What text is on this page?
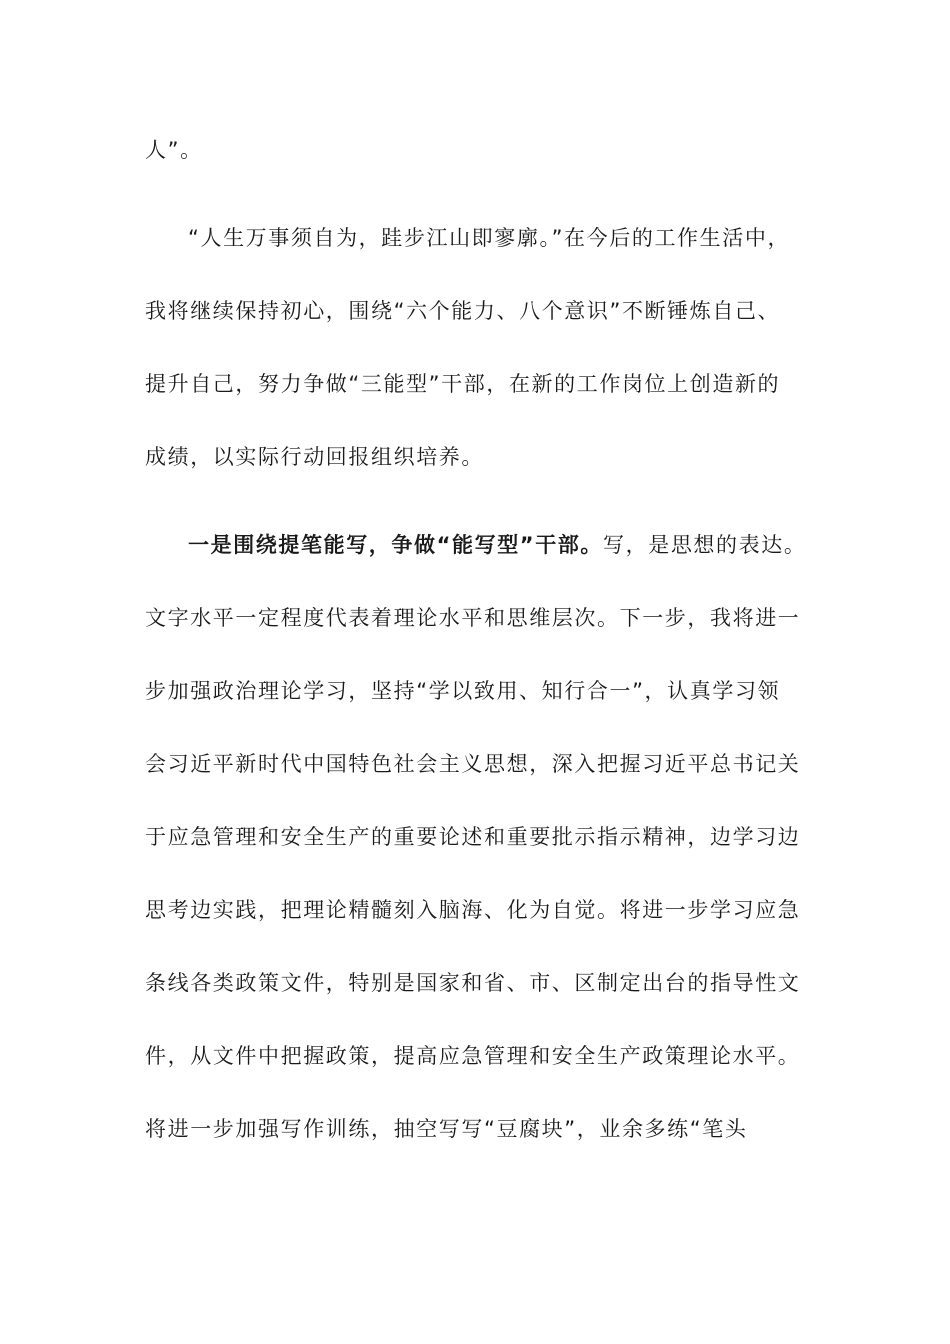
人”。
“人生万事须自为，跬步江山即寥廓。”在今后的工作生活中，
我将继续保持初心，围绕“六个能力、八个意识”不断锤炼自己、
提升自己，努力争做“三能型”干部，在新的工作岗位上创造新的
成绩，以实际行动回报组织培养。
一是围绕提笔能写，争做“能写型”干部。写，是思想的表达。
文字水平一定程度代表着理论水平和思维层次。下一步，我将进一
步加强政治理论学习，坚持“学以致用、知行合一”，认真学习领
会习近平新时代中国特色社会主义思想，深入把握习近平总书记关
于应急管理和安全生产的重要论述和重要批示指示精神，边学习边
思考边实践，把理论精髓刻入脑海、化为自觉。将进一步学习应急
条线各类政策文件，特别是国家和省、市、区制定出台的指导性文
件，从文件中把握政策，提高应急管理和安全生产政策理论水平。
将进一步加强写作训练，抽空写写“豆腐块”，业余多练“笔头
